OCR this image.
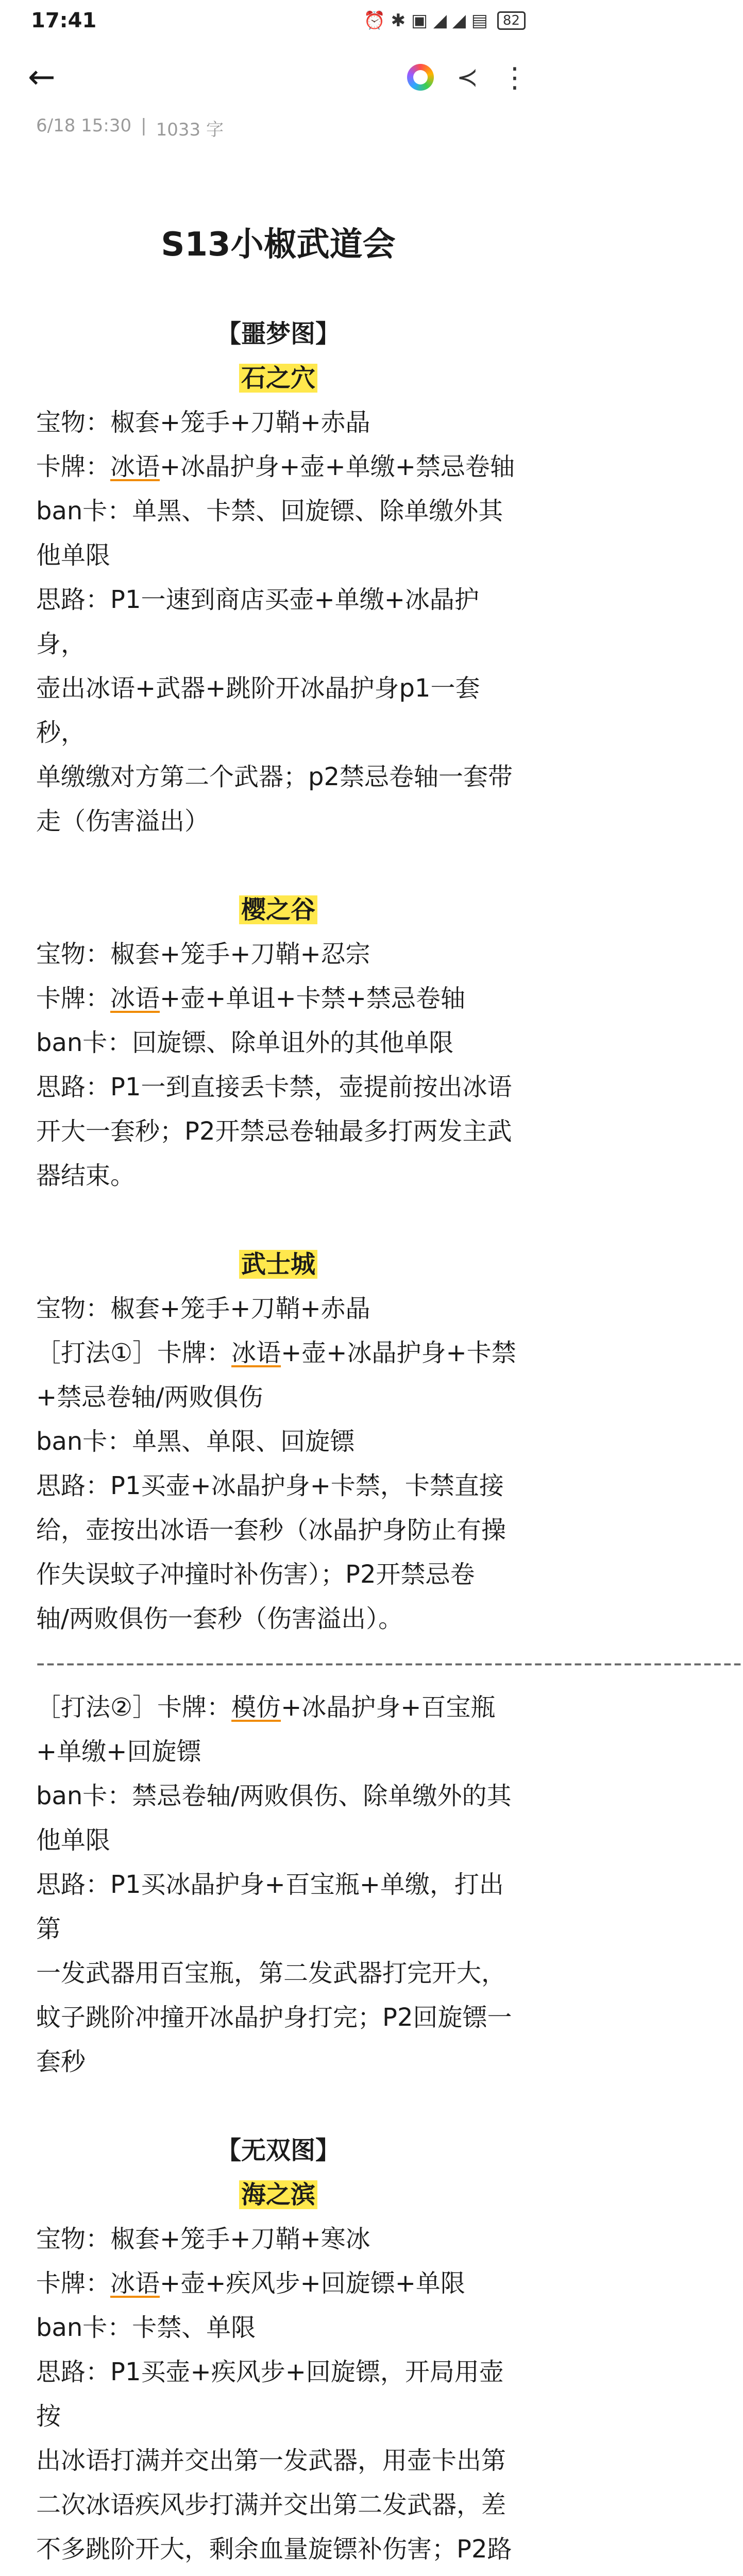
17:41	⏰ ✱ ▣ ◢ ◢ ▤	82
←	≺ ⋮
6/18 15:30 | 1033 字
S13小椒武道会

【噩梦图】

石之穴

宝物：椒套+笼手+刀鞘+赤晶

卡牌：冰语+冰晶护身+壶+单缴+禁忌卷轴

ban卡：单黑、卡禁、回旋镖、除单缴外其

他单限

思路：P1一速到商店买壶+单缴+冰晶护身，

壶出冰语+武器+跳阶开冰晶护身p1一套秒，

单缴缴对方第二个武器；p2禁忌卷轴一套带

走（伤害溢出）

樱之谷

宝物：椒套+笼手+刀鞘+忍宗

卡牌：冰语+壶+单诅+卡禁+禁忌卷轴

ban卡：回旋镖、除单诅外的其他单限

思路：P1一到直接丢卡禁，壶提前按出冰语

开大一套秒；P2开禁忌卷轴最多打两发主武

器结束。

武士城

宝物：椒套+笼手+刀鞘+赤晶

［打法①］卡牌：冰语+壶+冰晶护身+卡禁

+禁忌卷轴/两败俱伤

ban卡：单黑、单限、回旋镖

思路：P1买壶+冰晶护身+卡禁，卡禁直接

给，壶按出冰语一套秒（冰晶护身防止有操

作失误蚊子冲撞时补伤害）；P2开禁忌卷

轴/两败俱伤一套秒（伤害溢出）。

-----------------------------------------------------------------------

［打法②］卡牌：模仿+冰晶护身+百宝瓶

+单缴+回旋镖

ban卡：禁忌卷轴/两败俱伤、除单缴外的其

他单限

思路：P1买冰晶护身+百宝瓶+单缴，打出第

一发武器用百宝瓶，第二发武器打完开大，

蚊子跳阶冲撞开冰晶护身打完；P2回旋镖一

套秒

【无双图】

海之滨

宝物：椒套+笼手+刀鞘+寒冰

卡牌：冰语+壶+疾风步+回旋镖+单限

ban卡：卡禁、单限

思路：P1买壶+疾风步+回旋镖，开局用壶按

出冰语打满并交出第一发武器，用壶卡出第

二次冰语疾风步打满并交出第二发武器，差

不多跳阶开大，剩余血量旋镖补伤害；P2路
